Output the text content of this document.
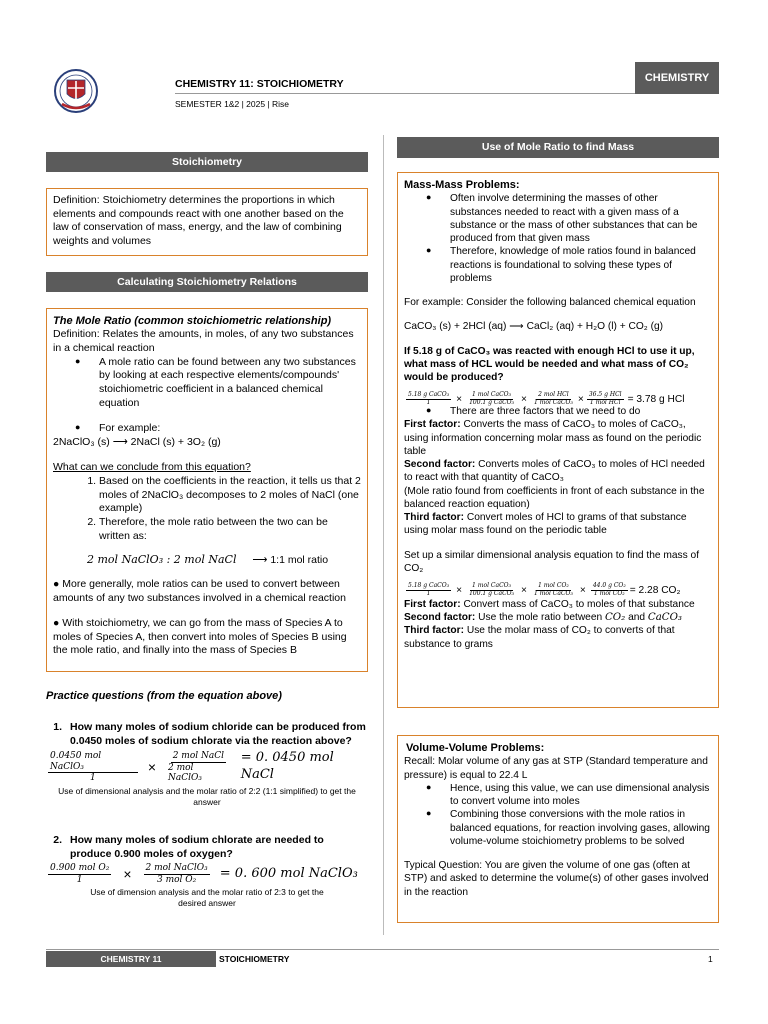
CHEMISTRY 11: STOICHIOMETRY
SEMESTER 1&2 | 2025 | Rise
CHEMISTRY
Stoichiometry
Definition: Stoichiometry determines the proportions in which elements and compounds react with one another based on the law of conservation of mass, energy, and the law of combining weights and volumes
Calculating Stoichiometry Relations
The Mole Ratio (common stoichiometric relationship)
Definition: Relates the amounts, in moles, of any two substances in a chemical reaction
● A mole ratio can be found between any two substances by looking at each respective elements/compounds' stoichiometric coefficient in a balanced chemical equation
● For example:
2NaClO₃ (s) ⟶ 2NaCl (s) + 3O₂ (g)
What can we conclude from this equation?
1. Based on the coefficients in the reaction, it tells us that 2 moles of 2NaClO₃ decomposes to 2 moles of NaCl (one example)
2. Therefore, the mole ratio between the two can be written as:
2 mol NaClO₃ : 2 mol NaCl ⟶ 1:1 mol ratio
● More generally, mole ratios can be used to convert between amounts of any two substances involved in a chemical reaction
● With stoichiometry, we can go from the mass of Species A to moles of Species A, then convert into moles of Species B using the mole ratio, and finally into the mass of Species B
Practice questions (from the equation above)
1. How many moles of sodium chloride can be produced from 0.0450 moles of sodium chlorate via the reaction above?
$\frac{\text{0.0450 mol NaClO₃}}{1} \times \frac{\text{2 mol NaCl}}{\text{2 mol NaClO₃}} = 0$. 0450 mol NaCl
Use of dimensional analysis and the molar ratio of 2:2 (1:1 simplified) to get the answer
2. How many moles of sodium chlorate are needed to produce 0.900 moles of oxygen?
$\frac{\text{0.900 mol O₂}}{1} \times \frac{\text{2 mol NaClO₃}}{\text{3 mol O₂}} = 0$. 600 mol NaClO₃
Use of dimension analysis and the molar ratio of 2:3 to get the desired answer
Use of Mole Ratio to find Mass
Mass-Mass Problems:
● Often involve determining the masses of other substances needed to react with a given mass of a substance or the mass of other substances that can be produced from that given mass
● Therefore, knowledge of mole ratios found in balanced reactions is foundational to solving these types of problems
For example: Consider the following balanced chemical equation
CaCO₃ (s) + 2HCl (aq) ⟶ CaCl₂ (aq) + H₂O (l) + CO₂ (g)
If 5.18 g of CaCO₃ was reacted with enough HCl to use it up, what mass of HCL would be needed and what mass of CO₂ would be produced?
$\frac{\text{5.18 g CaCO₃}}{1} \times \frac{\text{1 mol CaCO₃}}{\text{100.1 g CaCO₃}} \times \frac{\text{2 mol HCl}}{\text{1 mol CaCO₃}} \times \frac{\text{36.5 g HCl}}{\text{1 mol HCl}} = 3.78$ g HCl
● There are three factors that we need to do
First factor: Converts the mass of CaCO₃ to moles of CaCO₃, using information concerning molar mass as found on the periodic table
Second factor: Converts moles of CaCO₃ to moles of HCl needed to react with that quantity of CaCO₃
(Mole ratio found from coefficients in front of each substance in the balanced reaction equation)
Third factor: Convert moles of HCl to grams of that substance using molar mass found on the periodic table
Set up a similar dimensional analysis equation to find the mass of CO₂
$\frac{\text{5.18 g CaCO₃}}{1} \times \frac{\text{1 mol CaCO₃}}{\text{100.1 g CaCO₃}} \times \frac{\text{1 mol CO₂}}{\text{1 mol CaCO₃}} \times \frac{\text{44.0 g CO₂}}{\text{1 mol CO₂}} = 2.28$ CO₂
First factor: Convert mass of CaCO₃ to moles of that substance
Second factor: Use the mole ratio between CO₂ and CaCO₃
Third factor: Use the molar mass of CO₂ to converts of that substance to grams
Volume-Volume Problems:
Recall: Molar volume of any gas at STP (Standard temperature and pressure) is equal to 22.4 L
● Hence, using this value, we can use dimensional analysis to convert volume into moles
● Combining those conversions with the mole ratios in balanced equations, for reaction involving gases, allowing volume-volume stoichiometry problems to be solved
Typical Question: You are given the volume of one gas (often at STP) and asked to determine the volume(s) of other gases involved in the reaction
CHEMISTRY 11	STOICHIOMETRY	1
